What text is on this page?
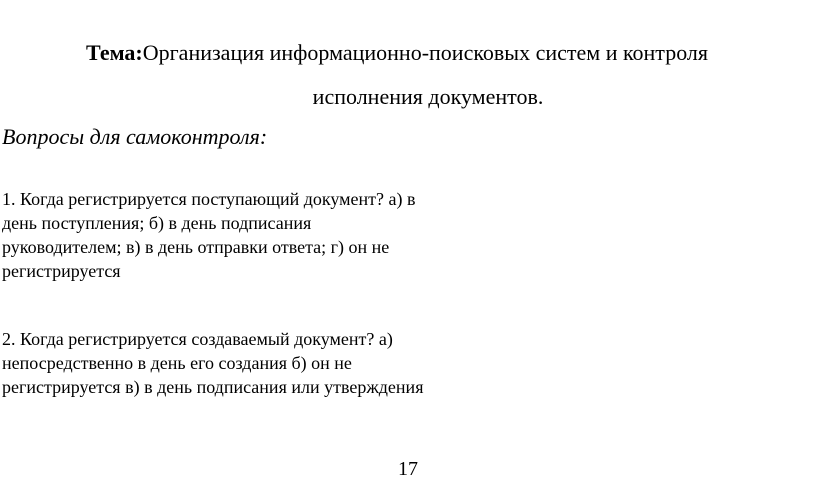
Тема:Организация информационно-поисковых систем и контроля
исполнения документов.
Вопросы для самоконтроля:
1. Когда регистрируется поступающий документ? а) в день поступления; б) в день подписания руководителем; в) в день отправки ответа; г) он не регистрируется
2. Когда регистрируется создаваемый документ? а) непосредственно в день его создания б) он не регистрируется в) в день подписания или утверждения
17
